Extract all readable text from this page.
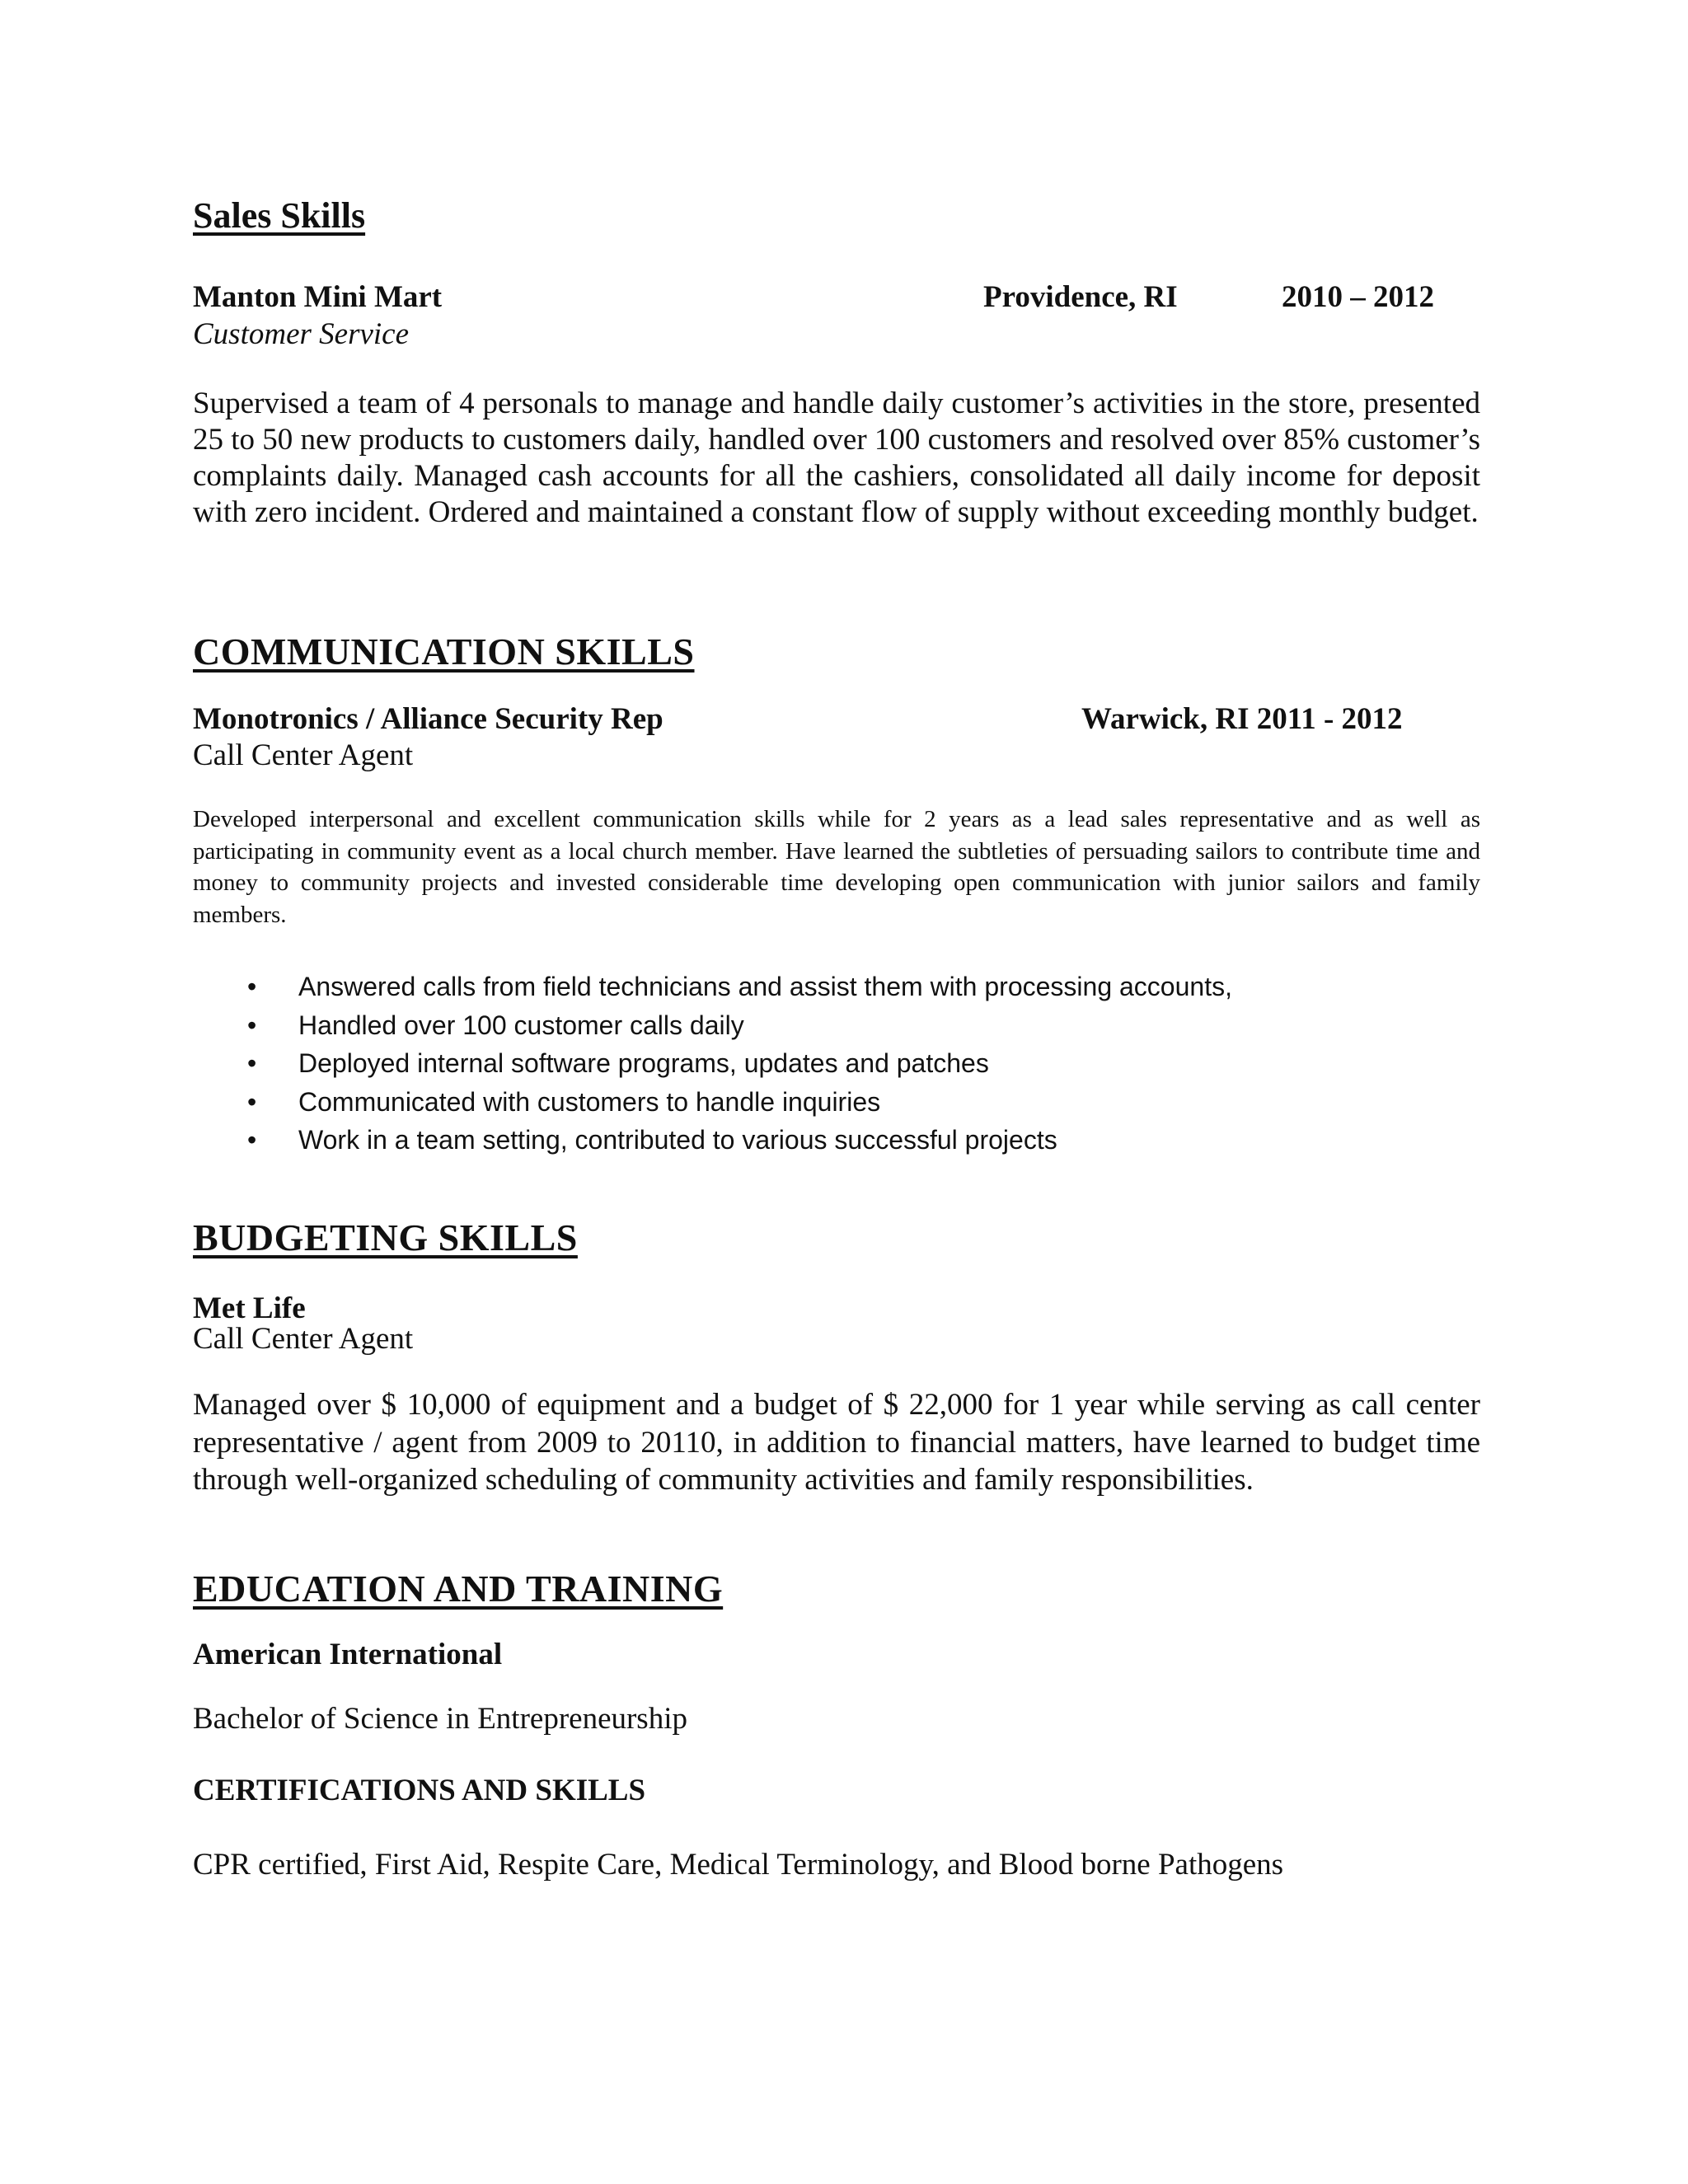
Sales Skills
Manton Mini Mart	Providence, RI	2010 – 2012
Customer Service

Supervised a team of 4 personals to manage and handle daily customer’s activities in the store, presented 25 to 50 new products to customers daily, handled over 100 customers and resolved over 85% customer’s complaints daily. Managed cash accounts for all the cashiers, consolidated all daily income for deposit with zero incident. Ordered and maintained a constant flow of supply without exceeding monthly budget.

COMMUNICATION SKILLS
Monotronics / Alliance Security Rep	Warwick, RI 2011 - 2012
Call Center Agent

Developed interpersonal and excellent communication skills while for 2 years as a lead sales representative and as well as participating in community event as a local church member. Have learned the subtleties of persuading sailors to contribute time and money to community projects and invested considerable time developing open communication with junior sailors and family members.

• Answered calls from field technicians and assist them with processing accounts,
• Handled over 100 customer calls daily
• Deployed internal software programs, updates and patches
• Communicated with customers to handle inquiries
• Work in a team setting, contributed to various successful projects
BUDGETING SKILLS
Met Life
Call Center Agent

Managed over $ 10,000 of equipment and a budget of $ 22,000 for 1 year while serving as call center representative / agent from 2009 to 20110, in addition to financial matters, have learned to budget time through well-organized scheduling of community activities and family responsibilities.

EDUCATION AND TRAINING
American International
Bachelor of Science in Entrepreneurship
CERTIFICATIONS AND SKILLS
CPR certified, First Aid, Respite Care, Medical Terminology, and Blood borne Pathogens
